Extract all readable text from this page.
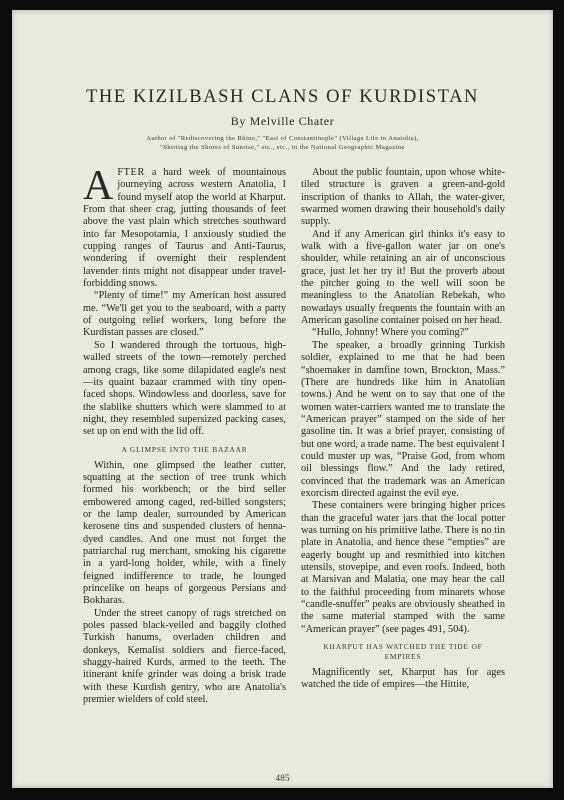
THE KIZILBASH CLANS OF KURDISTAN
By Melville Chater
Author of "Rediscovering the Rhine," "East of Constantinople" (Village Life in Anatolia),
"Skirting the Shores of Sunrise," etc., etc., in the National Geographic Magazine

AFTER a hard week of mountainous journeying across western Anatolia, I found myself atop the world at Kharput. From that sheer crag, jutting thousands of feet above the vast plain which stretches southward into far Mesopotamia, I anxiously studied the cupping ranges of Taurus and Anti-Taurus, wondering if overnight their resplendent lavender tints might not disappear under travel-forbidding snows.

“Plenty of time!” my American host assured me. “We'll get you to the seaboard, with a party of outgoing relief workers, long before the Kurdistan passes are closed.”

So I wandered through the tortuous, high-walled streets of the town—remotely perched among crags, like some dilapidated eagle's nest—its quaint bazaar crammed with tiny open-faced shops. Windowless and doorless, save for the slablike shutters which were slammed to at night, they resembled supersized packing cases, set up on end with the lid off.

A GLIMPSE INTO THE BAZAAR

Within, one glimpsed the leather cutter, squatting at the section of tree trunk which formed his workbench; or the bird seller embowered among caged, red-billed songsters; or the lamp dealer, surrounded by American kerosene tins and suspended clusters of henna-dyed candles. And one must not forget the patriarchal rug merchant, smoking his cigarette in a yard-long holder, while, with a finely feigned indifference to trade, he lounged princelike on heaps of gorgeous Persians and Bokharas.

Under the street canopy of rags stretched on poles passed black-veiled and baggily clothed Turkish hanums, overladen children and donkeys, Kemalist soldiers and fierce-faced, shaggy-haired Kurds, armed to the teeth. The itinerant knife grinder was doing a brisk trade with these Kurdish gentry, who are Anatolia's premier wielders of cold steel.

About the public fountain, upon whose white-tiled structure is graven a green-and-gold inscription of thanks to Allah, the water-giver, swarmed women drawing their household's daily supply.

And if any American girl thinks it's easy to walk with a five-gallon water jar on one's shoulder, while retaining an air of unconscious grace, just let her try it! But the proverb about the pitcher going to the well will soon be meaningless to the Anatolian Rebekah, who nowadays usually frequents the fountain with an American gasoline container poised on her head.

“Hullo, Johnny! Where you coming?”

The speaker, a broadly grinning Turkish soldier, explained to me that he had been “shoemaker in damfine town, Brockton, Mass.” (There are hundreds like him in Anatolian towns.) And he went on to say that one of the women water-carriers wanted me to translate the “American prayer” stamped on the side of her gasoline tin. It was a brief prayer, consisting of but one word, a trade name. The best equivalent I could muster up was, “Praise God, from whom oil blessings flow.” And the lady retired, convinced that the trademark was an American exorcism directed against the evil eye.

These containers were bringing higher prices than the graceful water jars that the local potter was turning on his primitive lathe. There is no tin plate in Anatolia, and hence these “empties” are eagerly bought up and resmithied into kitchen utensils, stovepipe, and even roofs. Indeed, both at Marsivan and Malatia, one may hear the call to the faithful proceeding from minarets whose “candle-snuffer” peaks are obviously sheathed in the same material stamped with the same “American prayer” (see pages 491, 504).

KHARPUT HAS WATCHED THE TIDE OF EMPIRES

Magnificently set, Kharput has for ages watched the tide of empires—the Hittite,

485
